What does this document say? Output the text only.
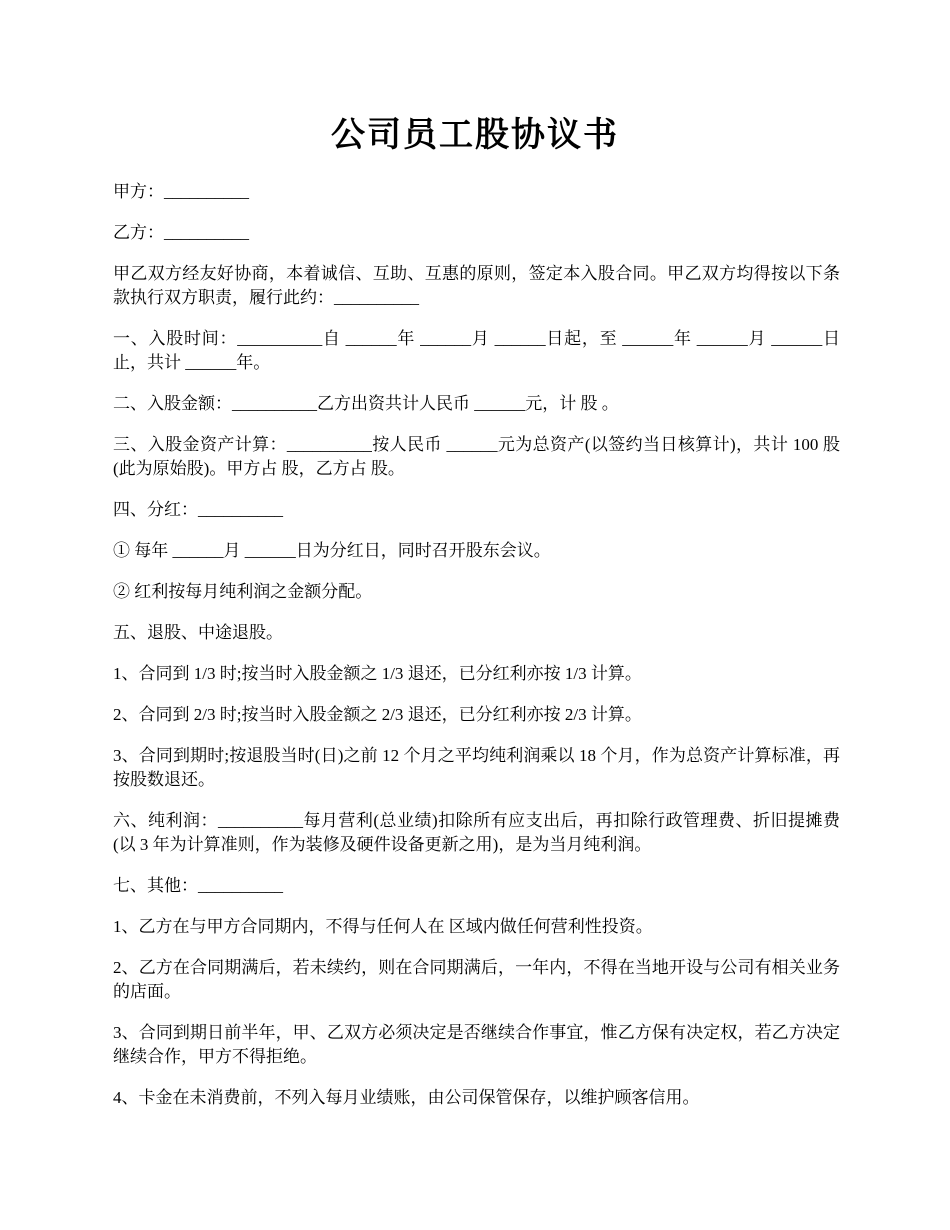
公司员工股协议书

甲方：__________

乙方：__________

甲乙双方经友好协商，本着诚信、互助、互惠的原则，签定本入股合同。甲乙双方均得按以下条款执行双方职责，履行此约：__________

一、入股时间：__________自 ______年 ______月 ______日起，至 ______年 ______月 ______日止，共计 ______年。

二、入股金额：__________乙方出资共计人民币 ______元，计 股 。

三、入股金资产计算：__________按人民币 ______元为总资产(以签约当日核算计)，共计 100 股(此为原始股)。甲方占 股，乙方占 股。

四、分红：__________

① 每年 ______月 ______日为分红日，同时召开股东会议。

② 红利按每月纯利润之金额分配。

五、退股、中途退股。

1、合同到 1/3 时;按当时入股金额之 1/3 退还，已分红利亦按 1/3 计算。

2、合同到 2/3 时;按当时入股金额之 2/3 退还，已分红利亦按 2/3 计算。

3、合同到期时;按退股当时(日)之前 12 个月之平均纯利润乘以 18 个月，作为总资产计算标准，再按股数退还。

六、纯利润：__________每月营利(总业绩)扣除所有应支出后，再扣除行政管理费、折旧提摊费(以 3 年为计算准则，作为装修及硬件设备更新之用)，是为当月纯利润。

七、其他：__________

1、乙方在与甲方合同期内，不得与任何人在 区域内做任何营利性投资。

2、乙方在合同期满后，若未续约，则在合同期满后，一年内，不得在当地开设与公司有相关业务的店面。

3、合同到期日前半年，甲、乙双方必须决定是否继续合作事宜，惟乙方保有决定权，若乙方决定继续合作，甲方不得拒绝。

4、卡金在未消费前，不列入每月业绩账，由公司保管保存，以维护顾客信用。
